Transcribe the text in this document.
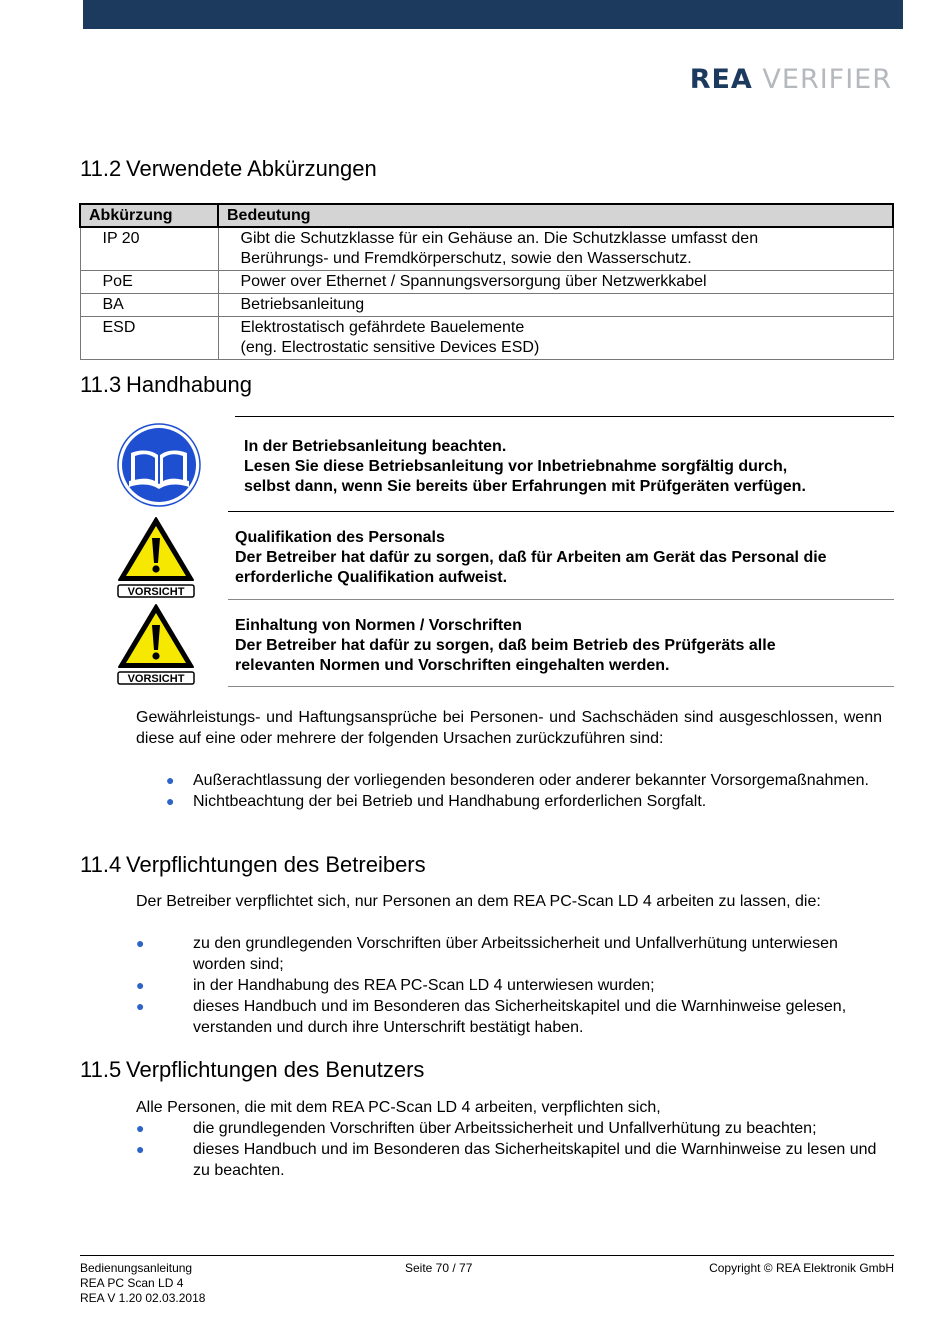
REA VERIFIER
11.2 Verwendete Abkürzungen
Abkürzung	Bedeutung
IP 20	Gibt die Schutzklasse für ein Gehäuse an. Die Schutzklasse umfasst den
Berührungs- und Fremdkörperschutz, sowie den Wasserschutz.
PoE	Power over Ethernet / Spannungsversorgung über Netzwerkkabel
BA	Betriebsanleitung
ESD	Elektrostatisch gefährdete Bauelemente
(eng. Electrostatic sensitive Devices ESD)
11.3 Handhabung
In der Betriebsanleitung beachten.
Lesen Sie diese Betriebsanleitung vor Inbetriebnahme sorgfältig durch,
selbst dann, wenn Sie bereits über Erfahrungen mit Prüfgeräten verfügen.
VORSICHT
Qualifikation des Personals
Der Betreiber hat dafür zu sorgen, daß für Arbeiten am Gerät das Personal die
erforderliche Qualifikation aufweist.
VORSICHT
Einhaltung von Normen / Vorschriften
Der Betreiber hat dafür zu sorgen, daß beim Betrieb des Prüfgeräts alle
relevanten Normen und Vorschriften eingehalten werden.
Gewährleistungs- und Haftungsansprüche bei Personen- und Sachschäden sind ausgeschlossen, wenn diese auf eine oder mehrere der folgenden Ursachen zurückzuführen sind:
● Außerachtlassung der vorliegenden besonderen oder anderer bekannter Vorsorgemaßnahmen.
● Nichtbeachtung der bei Betrieb und Handhabung erforderlichen Sorgfalt.
11.4 Verpflichtungen des Betreibers
Der Betreiber verpflichtet sich, nur Personen an dem REA PC-Scan LD 4 arbeiten zu lassen, die:
●	zu den grundlegenden Vorschriften über Arbeitssicherheit und Unfallverhütung unterwiesen worden sind;
●	in der Handhabung des REA PC-Scan LD 4 unterwiesen wurden;
●	dieses Handbuch und im Besonderen das Sicherheitskapitel und die Warnhinweise gelesen, verstanden und durch ihre Unterschrift bestätigt haben.
11.5 Verpflichtungen des Benutzers
Alle Personen, die mit dem REA PC-Scan LD 4 arbeiten, verpflichten sich,
●	die grundlegenden Vorschriften über Arbeitssicherheit und Unfallverhütung zu beachten;
●	dieses Handbuch und im Besonderen das Sicherheitskapitel und die Warnhinweise zu lesen und zu beachten.
Bedienungsanleitung
REA PC Scan LD 4
REA V 1.20 02.03.2018
Seite 70 / 77	Copyright © REA Elektronik GmbH
